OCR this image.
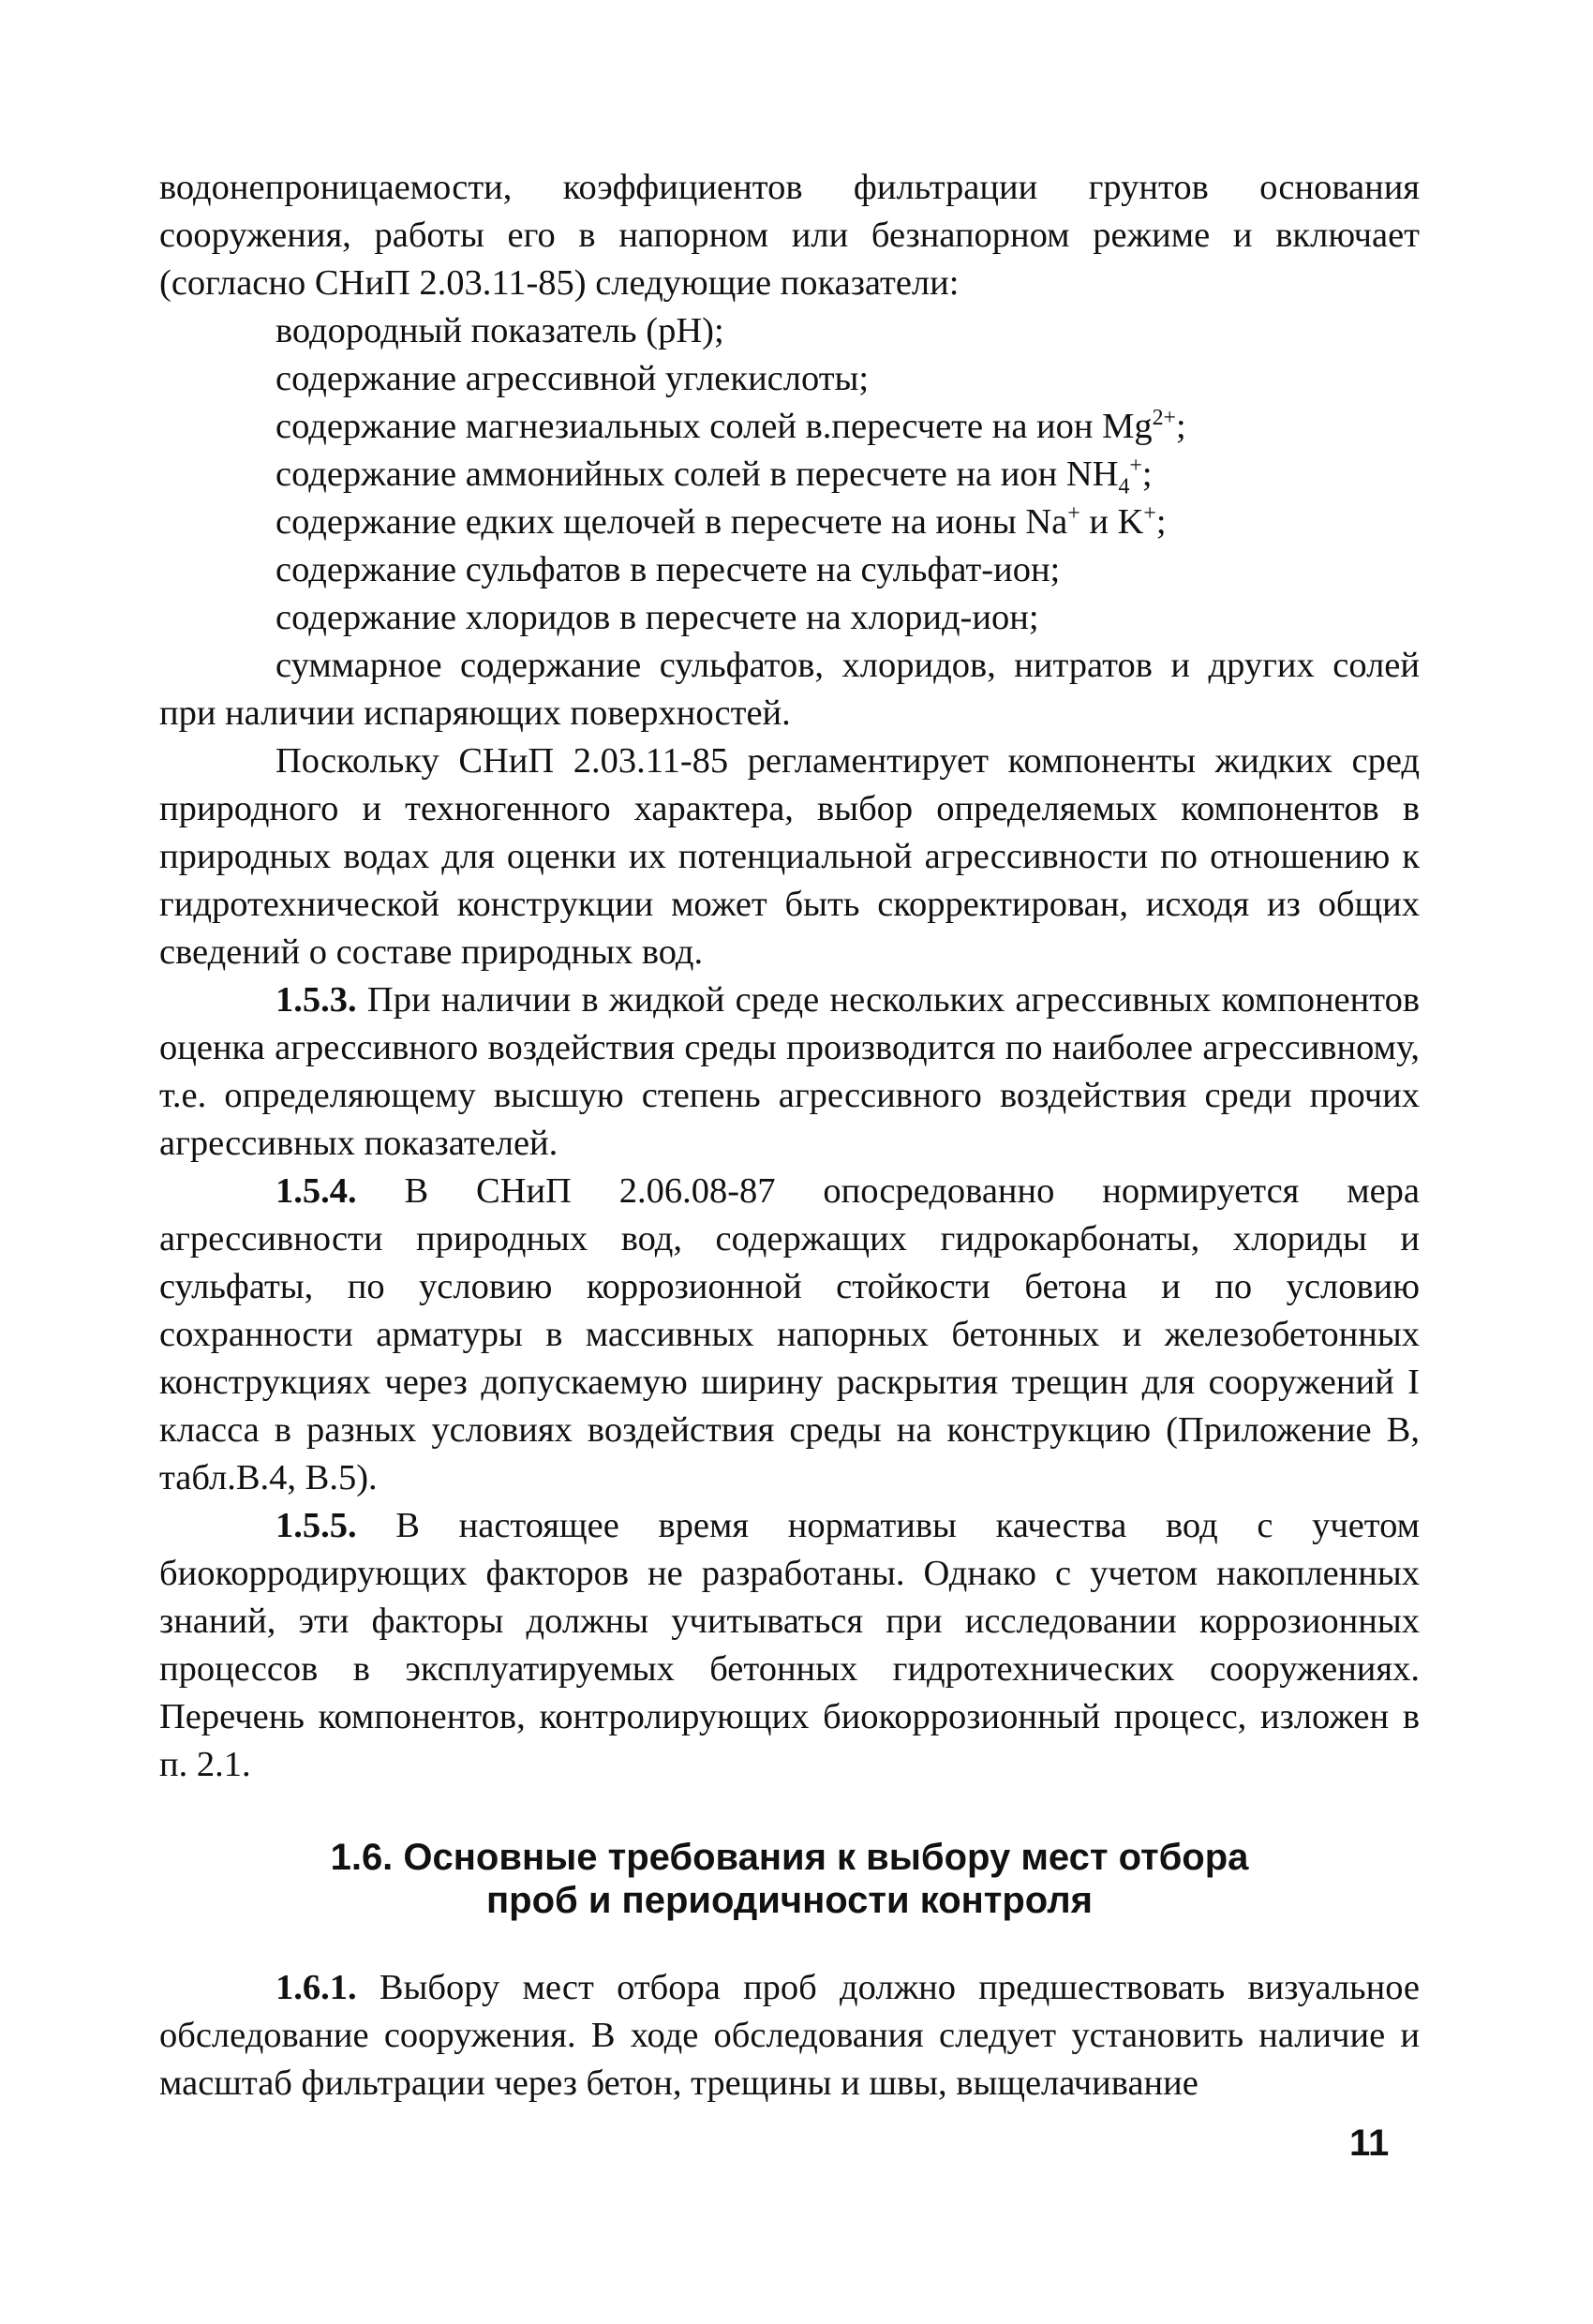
водонепроницаемости, коэффициентов фильтрации грунтов основания сооружения, работы его в напорном или безнапорном режиме и включает (согласно СНиП 2.03.11-85) следующие показатели:

водородный показатель (pH);

содержание агрессивной углекислоты;

содержание магнезиальных солей в.пересчете на ион $Mg^{2+}$;

содержание аммонийных солей в пересчете на ион $NH_4^+$;

содержание едких щелочей в пересчете на ионы Na+ и K+;

содержание сульфатов в пересчете на сульфат-ион;

содержание хлоридов в пересчете на хлорид-ион;

суммарное содержание сульфатов, хлоридов, нитратов и других солей при наличии испаряющих поверхностей.

Поскольку СНиП 2.03.11-85 регламентирует компоненты жидких сред природного и техногенного характера, выбор определяемых компонентов в природных водах для оценки их потенциальной агрессивности по отношению к гидротехнической конструкции может быть скорректирован, исходя из общих сведений о составе природных вод.

1.5.3. При наличии в жидкой среде нескольких агрессивных компонентов оценка агрессивного воздействия среды производится по наиболее агрессивному, т.е. определяющему высшую степень агрессивного воздействия среди прочих агрессивных показателей.

1.5.4. В СНиП 2.06.08-87 опосредованно нормируется мера агрессивности природных вод, содержащих гидрокарбонаты, хлориды и сульфаты, по условию коррозионной стойкости бетона и по условию сохранности арматуры в массивных напорных бетонных и железобетонных конструкциях через допускаемую ширину раскрытия трещин для сооружений I класса в разных условиях воздействия среды на конструкцию (Приложение В, табл.В.4, В.5).

1.5.5. В настоящее время нормативы качества вод с учетом биокорродирующих факторов не разработаны. Однако с учетом накопленных знаний, эти факторы должны учитываться при исследовании коррозионных процессов в эксплуатируемых бетонных гидротехнических сооружениях. Перечень компонентов, контролирующих биокоррозионный процесс, изложен в п. 2.1.

1.6. Основные требования к выбору мест отбора
проб и периодичности контроля

1.6.1. Выбору мест отбора проб должно предшествовать визуальное обследование сооружения. В ходе обследования следует установить наличие и масштаб фильтрации через бетон, трещины и швы, выщелачивание

11
